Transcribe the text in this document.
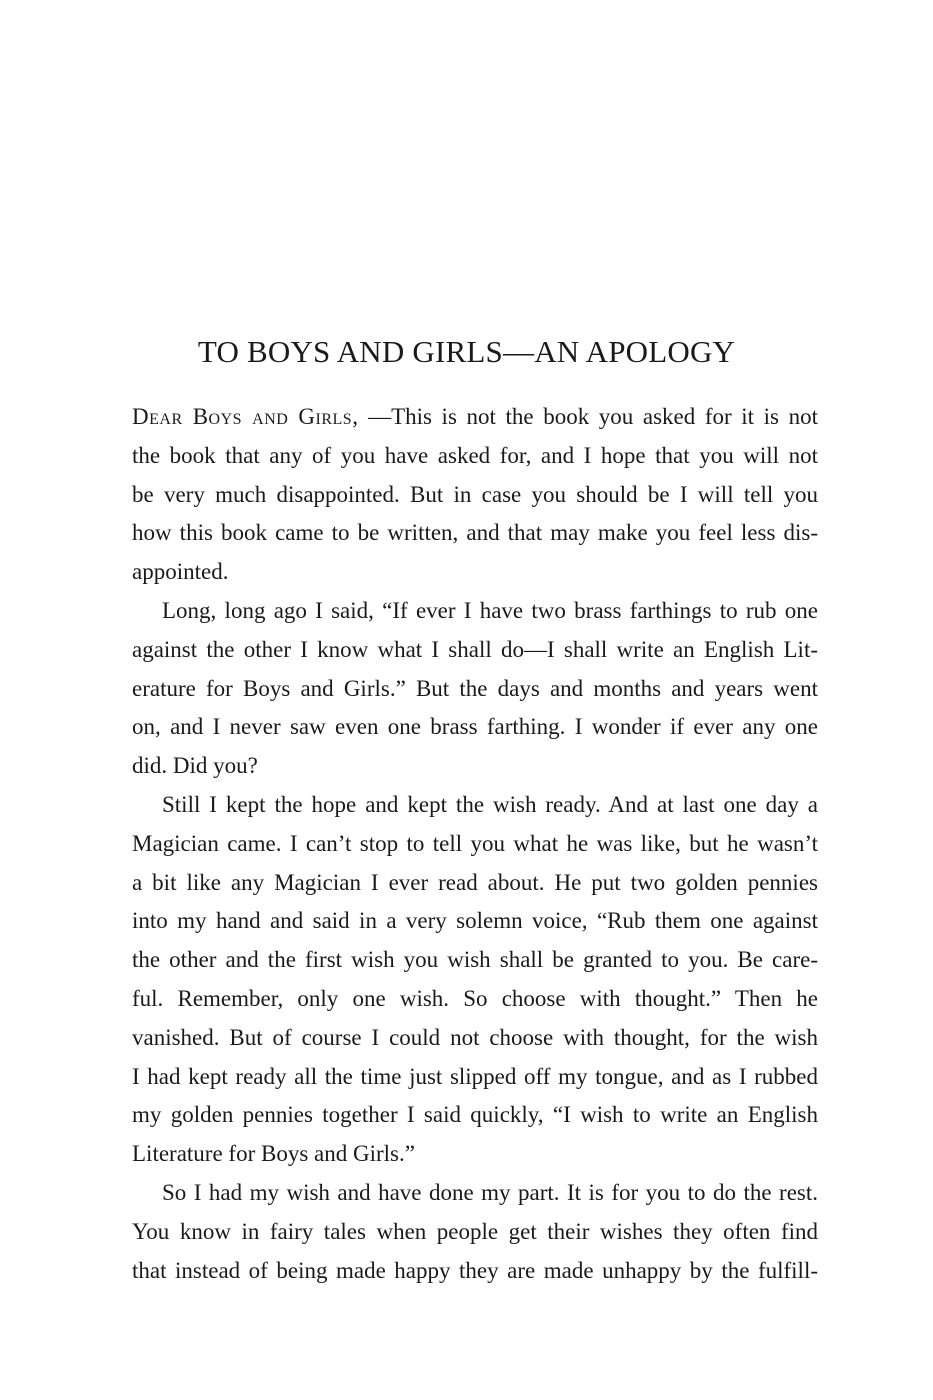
TO BOYS AND GIRLS—AN APOLOGY
Dear Boys and Girls, —This is not the book you asked for it is not
the book that any of you have asked for, and I hope that you will not
be very much disappointed. But in case you should be I will tell you
how this book came to be written, and that may make you feel less dis-
appointed.
Long, long ago I said, “If ever I have two brass farthings to rub one
against the other I know what I shall do—I shall write an English Lit-
erature for Boys and Girls.” But the days and months and years went
on, and I never saw even one brass farthing. I wonder if ever any one
did. Did you?
Still I kept the hope and kept the wish ready. And at last one day a
Magician came. I can’t stop to tell you what he was like, but he wasn’t
a bit like any Magician I ever read about. He put two golden pennies
into my hand and said in a very solemn voice, “Rub them one against
the other and the first wish you wish shall be granted to you. Be care-
ful. Remember, only one wish. So choose with thought.” Then he
vanished. But of course I could not choose with thought, for the wish
I had kept ready all the time just slipped off my tongue, and as I rubbed
my golden pennies together I said quickly, “I wish to write an English
Literature for Boys and Girls.”
So I had my wish and have done my part. It is for you to do the rest.
You know in fairy tales when people get their wishes they often find
that instead of being made happy they are made unhappy by the fulfill-
